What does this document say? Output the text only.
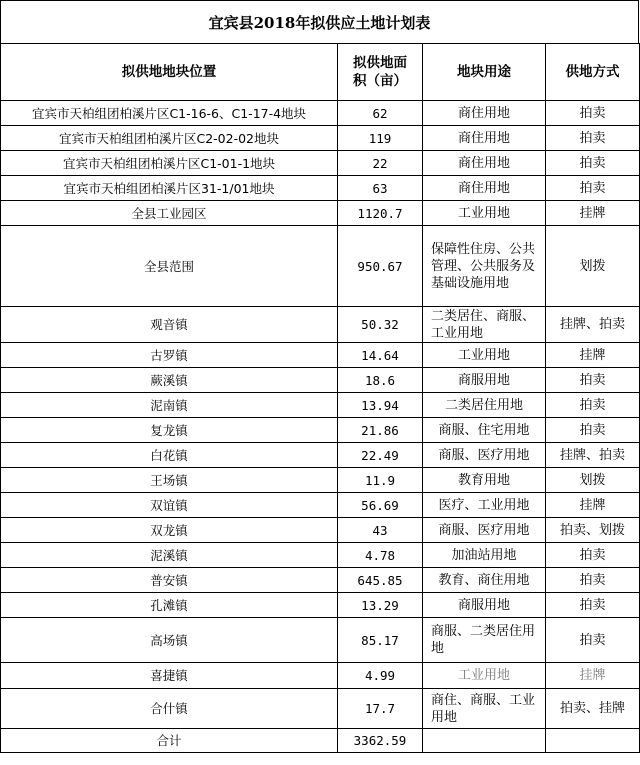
宜宾县2018年拟供应土地计划表
拟供地地块位置	拟供地面积（亩）	地块用途	供地方式
宜宾市天柏组团柏溪片区C1-16-6、C1-17-4地块	62	商住用地	拍卖
宜宾市天柏组团柏溪片区C2-02-02地块	119	商住用地	拍卖
宜宾市天柏组团柏溪片区C1-01-1地块	22	商住用地	拍卖
宜宾市天柏组团柏溪片区31-1/01地块	63	商住用地	拍卖
全县工业园区	1120.7	工业用地	挂牌
全县范围	950.67	保障性住房、公共管理、公共服务及基础设施用地	划拨
观音镇	50.32	二类居住、商服、工业用地	挂牌、拍卖
古罗镇	14.64	工业用地	挂牌
蕨溪镇	18.6	商服用地	拍卖
泥南镇	13.94	二类居住用地	拍卖
复龙镇	21.86	商服、住宅用地	拍卖
白花镇	22.49	商服、医疗用地	挂牌、拍卖
王场镇	11.9	教育用地	划拨
双谊镇	56.69	医疗、工业用地	挂牌
双龙镇	43	商服、医疗用地	拍卖、划拨
泥溪镇	4.78	加油站用地	拍卖
普安镇	645.85	教育、商住用地	拍卖
孔滩镇	13.29	商服用地	拍卖
高场镇	85.17	商服、二类居住用地	拍卖
喜捷镇	4.99	工业用地	挂牌
合什镇	17.7	商住、商服、工业用地	拍卖、挂牌
合计	3362.59		
